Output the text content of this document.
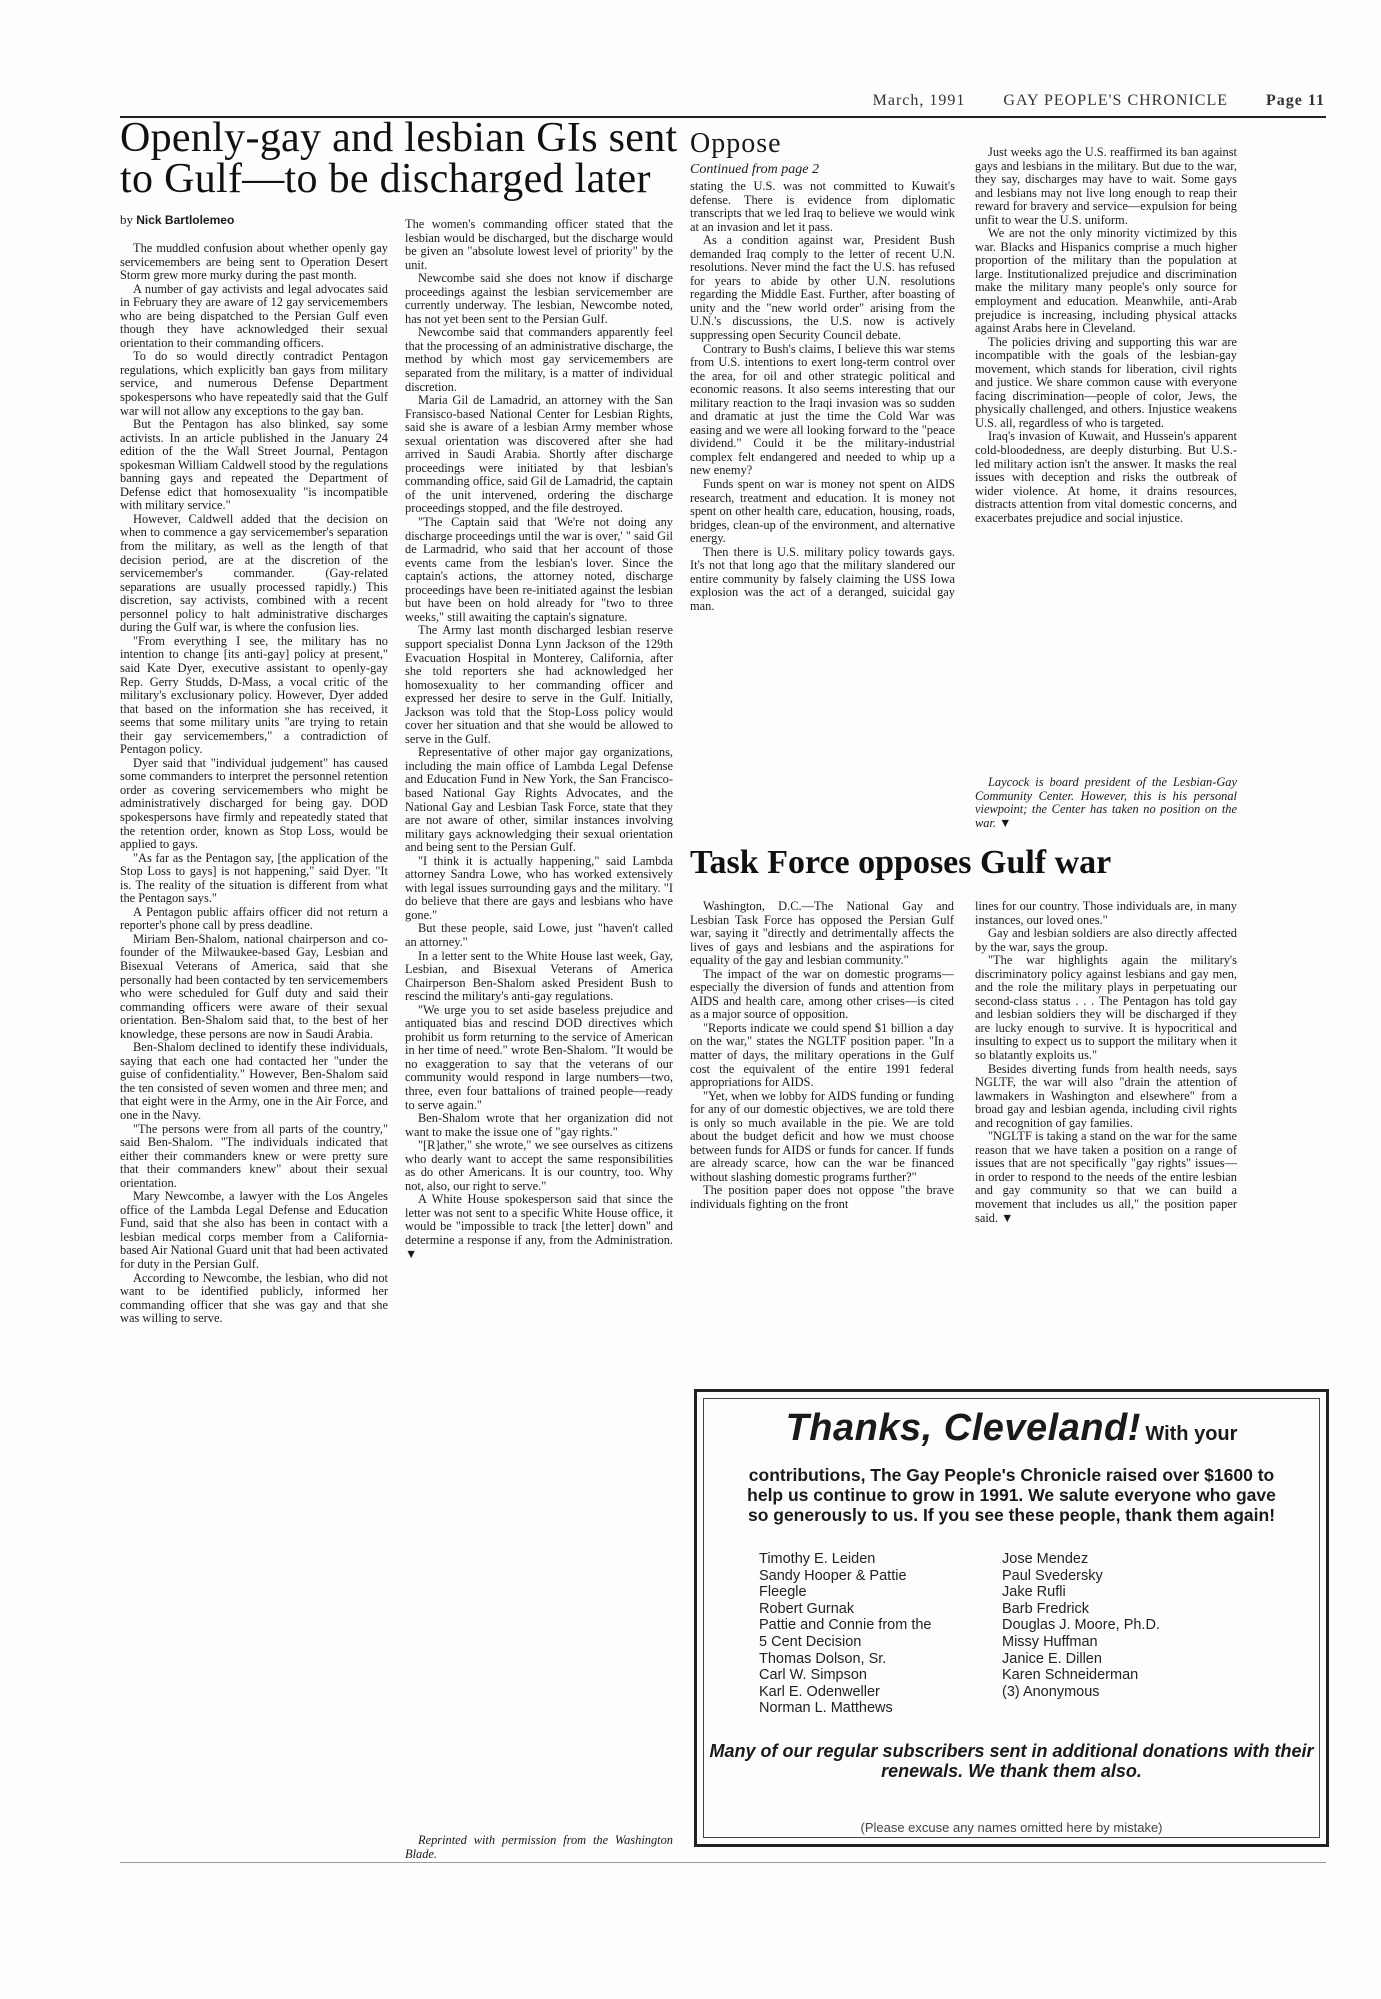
March, 1991 GAY PEOPLE'S CHRONICLE Page 11
Openly-gay and lesbian GIs sent
to Gulf—to be discharged later
by Nick Bartlolemeo

The muddled confusion about whether openly gay servicemembers are being sent to Operation Desert Storm grew more murky during the past month.

A number of gay activists and legal advocates said in February they are aware of 12 gay servicemembers who are being dispatched to the Persian Gulf even though they have acknowledged their sexual orientation to their commanding officers.

To do so would directly contradict Pentagon regulations, which explicitly ban gays from military service, and numerous Defense Department spokespersons who have repeatedly said that the Gulf war will not allow any exceptions to the gay ban.

But the Pentagon has also blinked, say some activists. In an article published in the January 24 edition of the the Wall Street Journal, Pentagon spokesman William Caldwell stood by the regulations banning gays and repeated the Department of Defense edict that homosexuality "is incompatible with military service."

However, Caldwell added that the decision on when to commence a gay servicemember's separation from the military, as well as the length of that decision period, are at the discretion of the servicemember's commander. (Gay-related separations are usually processed rapidly.) This discretion, say activists, combined with a recent personnel policy to halt administrative discharges during the Gulf war, is where the confusion lies.

"From everything I see, the military has no intention to change [its anti-gay] policy at present," said Kate Dyer, executive assistant to openly-gay Rep. Gerry Studds, D-Mass, a vocal critic of the military's exclusionary policy. However, Dyer added that based on the information she has received, it seems that some military units "are trying to retain their gay servicemembers," a contradiction of Pentagon policy.

Dyer said that "individual judgement" has caused some commanders to interpret the personnel retention order as covering servicemembers who might be administratively discharged for being gay. DOD spokespersons have firmly and repeatedly stated that the retention order, known as Stop Loss, would be applied to gays.

"As far as the Pentagon say, [the application of the Stop Loss to gays] is not happening," said Dyer. "It is. The reality of the situation is different from what the Pentagon says."

A Pentagon public affairs officer did not return a reporter's phone call by press deadline.

Miriam Ben-Shalom, national chairperson and co-founder of the Milwaukee-based Gay, Lesbian and Bisexual Veterans of America, said that she personally had been contacted by ten servicemembers who were scheduled for Gulf duty and said their commanding officers were aware of their sexual orientation. Ben-Shalom said that, to the best of her knowledge, these persons are now in Saudi Arabia.

Ben-Shalom declined to identify these individuals, saying that each one had contacted her "under the guise of confidentiality." However, Ben-Shalom said the ten consisted of seven women and three men; and that eight were in the Army, one in the Air Force, and one in the Navy.

"The persons were from all parts of the country," said Ben-Shalom. "The individuals indicated that either their commanders knew or were pretty sure that their commanders knew" about their sexual orientation.

Mary Newcombe, a lawyer with the Los Angeles office of the Lambda Legal Defense and Education Fund, said that she also has been in contact with a lesbian medical corps member from a California-based Air National Guard unit that had been activated for duty in the Persian Gulf.

According to Newcombe, the lesbian, who did not want to be identified publicly, informed her commanding officer that she was gay and that she was willing to serve.

The women's commanding officer stated that the lesbian would be discharged, but the discharge would be given an "absolute lowest level of priority" by the unit.

Newcombe said she does not know if discharge proceedings against the lesbian servicemember are currently underway. The lesbian, Newcombe noted, has not yet been sent to the Persian Gulf.

Newcombe said that commanders apparently feel that the processing of an administrative discharge, the method by which most gay servicemembers are separated from the military, is a matter of individual discretion.

Maria Gil de Lamadrid, an attorney with the San Fransisco-based National Center for Lesbian Rights, said she is aware of a lesbian Army member whose sexual orientation was discovered after she had arrived in Saudi Arabia. Shortly after discharge proceedings were initiated by that lesbian's commanding office, said Gil de Lamadrid, the captain of the unit intervened, ordering the discharge proceedings stopped, and the file destroyed.

"The Captain said that 'We're not doing any discharge proceedings until the war is over,' " said Gil de Larmadrid, who said that her account of those events came from the lesbian's lover. Since the captain's actions, the attorney noted, discharge proceedings have been re-initiated against the lesbian but have been on hold already for "two to three weeks," still awaiting the captain's signature.

The Army last month discharged lesbian reserve support specialist Donna Lynn Jackson of the 129th Evacuation Hospital in Monterey, California, after she told reporters she had acknowledged her homosexuality to her commanding officer and expressed her desire to serve in the Gulf. Initially, Jackson was told that the Stop-Loss policy would cover her situation and that she would be allowed to serve in the Gulf.

Representative of other major gay organizations, including the main office of Lambda Legal Defense and Education Fund in New York, the San Francisco-based National Gay Rights Advocates, and the National Gay and Lesbian Task Force, state that they are not aware of other, similar instances involving military gays acknowledging their sexual orientation and being sent to the Persian Gulf.

"I think it is actually happening," said Lambda attorney Sandra Lowe, who has worked extensively with legal issues surrounding gays and the military. "I do believe that there are gays and lesbians who have gone."

But these people, said Lowe, just "haven't called an attorney."

In a letter sent to the White House last week, Gay, Lesbian, and Bisexual Veterans of America Chairperson Ben-Shalom asked President Bush to rescind the military's anti-gay regulations.

"We urge you to set aside baseless prejudice and antiquated bias and rescind DOD directives which prohibit us form returning to the service of American in her time of need." wrote Ben-Shalom. "It would be no exaggeration to say that the veterans of our community would respond in large numbers—two, three, even four battalions of trained people—ready to serve again."

Ben-Shalom wrote that her organization did not want to make the issue one of "gay rights."

"[R]ather," she wrote," we see ourselves as citizens who dearly want to accept the same responsibilities as do other Americans. It is our country, too. Why not, also, our right to serve."

A White House spokesperson said that since the letter was not sent to a specific White House office, it would be "impossible to track [the letter] down" and determine a response if any, from the Administration. ▼

Reprinted with permission from the Washington Blade.
Oppose
Continued from page 2

stating the U.S. was not committed to Kuwait's defense. There is evidence from diplomatic transcripts that we led Iraq to believe we would wink at an invasion and let it pass.

As a condition against war, President Bush demanded Iraq comply to the letter of recent U.N. resolutions. Never mind the fact the U.S. has refused for years to abide by other U.N. resolutions regarding the Middle East. Further, after boasting of unity and the "new world order" arising from the U.N.'s discussions, the U.S. now is actively suppressing open Security Council debate.

Contrary to Bush's claims, I believe this war stems from U.S. intentions to exert long-term control over the area, for oil and other strategic political and economic reasons. It also seems interesting that our military reaction to the Iraqi invasion was so sudden and dramatic at just the time the Cold War was easing and we were all looking forward to the "peace dividend." Could it be the military-industrial complex felt endangered and needed to whip up a new enemy?

Funds spent on war is money not spent on AIDS research, treatment and education. It is money not spent on other health care, education, housing, roads, bridges, clean-up of the environment, and alternative energy.

Then there is U.S. military policy towards gays. It's not that long ago that the military slandered our entire community by falsely claiming the USS Iowa explosion was the act of a deranged, suicidal gay man.

Just weeks ago the U.S. reaffirmed its ban against gays and lesbians in the military. But due to the war, they say, discharges may have to wait. Some gays and lesbians may not live long enough to reap their reward for bravery and service—expulsion for being unfit to wear the U.S. uniform.

We are not the only minority victimized by this war. Blacks and Hispanics comprise a much higher proportion of the military than the population at large. Institutionalized prejudice and discrimination make the military many people's only source for employment and education. Meanwhile, anti-Arab prejudice is increasing, including physical attacks against Arabs here in Cleveland.

The policies driving and supporting this war are incompatible with the goals of the lesbian-gay movement, which stands for liberation, civil rights and justice. We share common cause with everyone facing discrimination—people of color, Jews, the physically challenged, and others. Injustice weakens U.S. all, regardless of who is targeted.

Iraq's invasion of Kuwait, and Hussein's apparent cold-bloodedness, are deeply disturbing. But U.S.-led military action isn't the answer. It masks the real issues with deception and risks the outbreak of wider violence. At home, it drains resources, distracts attention from vital domestic concerns, and exacerbates prejudice and social injustice.

Laycock is board president of the Lesbian-Gay Community Center. However, this is his personal viewpoint; the Center has taken no position on the war. ▼
Task Force opposes Gulf war

Washington, D.C.—The National Gay and Lesbian Task Force has opposed the Persian Gulf war, saying it "directly and detrimentally affects the lives of gays and lesbians and the aspirations for equality of the gay and lesbian community."

The impact of the war on domestic programs—especially the diversion of funds and attention from AIDS and health care, among other crises—is cited as a major source of opposition.

"Reports indicate we could spend $1 billion a day on the war," states the NGLTF position paper. "In a matter of days, the military operations in the Gulf cost the equivalent of the entire 1991 federal appropriations for AIDS.

"Yet, when we lobby for AIDS funding or funding for any of our domestic objectives, we are told there is only so much available in the pie. We are told about the budget deficit and how we must choose between funds for AIDS or funds for cancer. If funds are already scarce, how can the war be financed without slashing domestic programs further?"

The position paper does not oppose "the brave individuals fighting on the front

lines for our country. Those individuals are, in many instances, our loved ones."

Gay and lesbian soldiers are also directly affected by the war, says the group.

"The war highlights again the military's discriminatory policy against lesbians and gay men, and the role the military plays in perpetuating our second-class status . . . The Pentagon has told gay and lesbian soldiers they will be discharged if they are lucky enough to survive. It is hypocritical and insulting to expect us to support the military when it so blatantly exploits us."

Besides diverting funds from health needs, says NGLTF, the war will also "drain the attention of lawmakers in Washington and elsewhere" from a broad gay and lesbian agenda, including civil rights and recognition of gay families.

"NGLTF is taking a stand on the war for the same reason that we have taken a position on a range of issues that are not specifically "gay rights" issues—in order to respond to the needs of the entire lesbian and gay community so that we can build a movement that includes us all," the position paper said. ▼

Thanks, Cleveland! With your
contributions, The Gay People's Chronicle raised over $1600 to help us continue to grow in 1991. We salute everyone who gave so generously to us. If you see these people, thank them again!
Timothy E. Leiden
Sandy Hooper & Pattie
Fleegle
Robert Gurnak
Pattie and Connie from the
5 Cent Decision
Thomas Dolson, Sr.
Carl W. Simpson
Karl E. Odenweller
Norman L. Matthews
Jose Mendez
Paul Svedersky
Jake Rufli
Barb Fredrick
Douglas J. Moore, Ph.D.
Missy Huffman
Janice E. Dillen
Karen Schneiderman
(3) Anonymous
Many of our regular subscribers sent in additional donations with their renewals. We thank them also.
(Please excuse any names omitted here by mistake)
